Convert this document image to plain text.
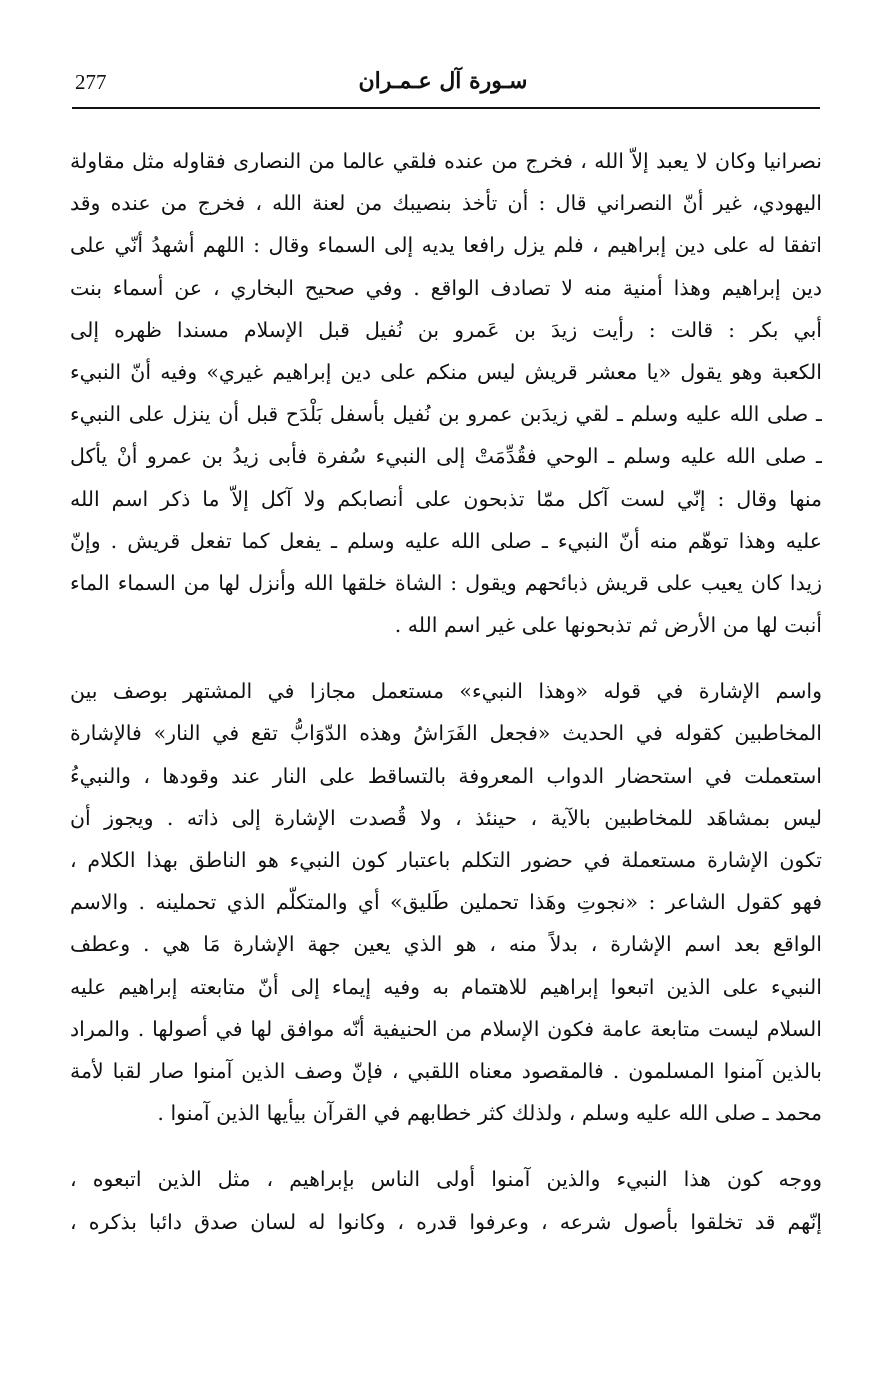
277	سـورة آل عـمـران
نصرانيا وكان لا يعبد إلاّ الله ، فخرج من عنده فلقي عالما من النصارى فقاوله مثل مقاولة
اليهودي، غير أنّ النصراني قال : أن تأخذ بنصيبك من لعنة الله ، فخرج من عنده وقد
اتفقا له على دين إبراهيم ، فلم يزل رافعا يديه إلى السماء وقال : اللهم أشهدُ أنّي على
دين إبراهيم وهذا أمنية منه لا تصادف الواقع . وفي صحيح البخاري ، عن أسماء بنت
أبي بكر : قالت : رأيت زيدَ بن عَمرو بن نُفيل قبل الإسلام مسندا ظهره إلى
الكعبة وهو يقول «يا معشر قريش ليس منكم على دين إبراهيم غيري» وفيه أنّ النبيء
ـ صلى الله عليه وسلم ـ لقي زيدَبن عمرو بن نُفيل بأسفل بَلْدَح قبل أن ينزل على النبيء
ـ صلى الله عليه وسلم ـ الوحي فقُدِّمَتْ إلى النبيء سُفرة فأبى زيدُ بن عمرو أنْ يأكل
منها وقال : إنّي لست آكل ممّا تذبحون على أنصابكم ولا آكل إلاّ ما ذكر اسم الله
عليه وهذا توهّم منه أنّ النبيء ـ صلى الله عليه وسلم ـ يفعل كما تفعل قريش . وإنّ
زيدا كان يعيب على قريش ذبائحهم ويقول : الشاة خلقها الله وأنزل لها من السماء الماء
أنبت لها من الأرض ثم تذبحونها على غير اسم الله .
واسم الإشارة في قوله «وهذا النبيء» مستعمل مجازا في المشتهر بوصف بين
المخاطبين كقوله في الحديث «فجعل الفَرَاشُ وهذه الدّوَابُّ تقع في النار» فالإشارة
استعملت في استحضار الدواب المعروفة بالتساقط على النار عند وقودها ، والنبيءُ
ليس بمشاهَد للمخاطبين بالآية ، حينئذ ، ولا قُصدت الإشارة إلى ذاته . ويجوز أن
تكون الإشارة مستعملة في حضور التكلم باعتبار كون النبيء هو الناطق بهذا الكلام ،
فهو كقول الشاعر : «نجوتِ وهَذا تحملين طَليق» أي والمتكلّم الذي تحملينه . والاسم
الواقع بعد اسم الإشارة ، بدلاً منه ، هو الذي يعين جهة الإشارة مَا هي . وعطف
النبيء على الذين اتبعوا إبراهيم للاهتمام به وفيه إيماء إلى أنّ متابعته إبراهيم عليه
السلام ليست متابعة عامة فكون الإسلام من الحنيفية أنّه موافق لها في أصولها . والمراد
بالذين آمنوا المسلمون . فالمقصود معناه اللقبي ، فإنّ وصف الذين آمنوا صار لقبا لأمة
محمد ـ صلى الله عليه وسلم ، ولذلك كثر خطابهم في القرآن بيأيها الذين آمنوا .
ووجه كون هذا النبيء والذين آمنوا أولى الناس بإبراهيم ، مثل الذين اتبعوه ،
إنّهم قد تخلقوا بأصول شرعه ، وعرفوا قدره ، وكانوا له لسان صدق دائبا بذكره ،
